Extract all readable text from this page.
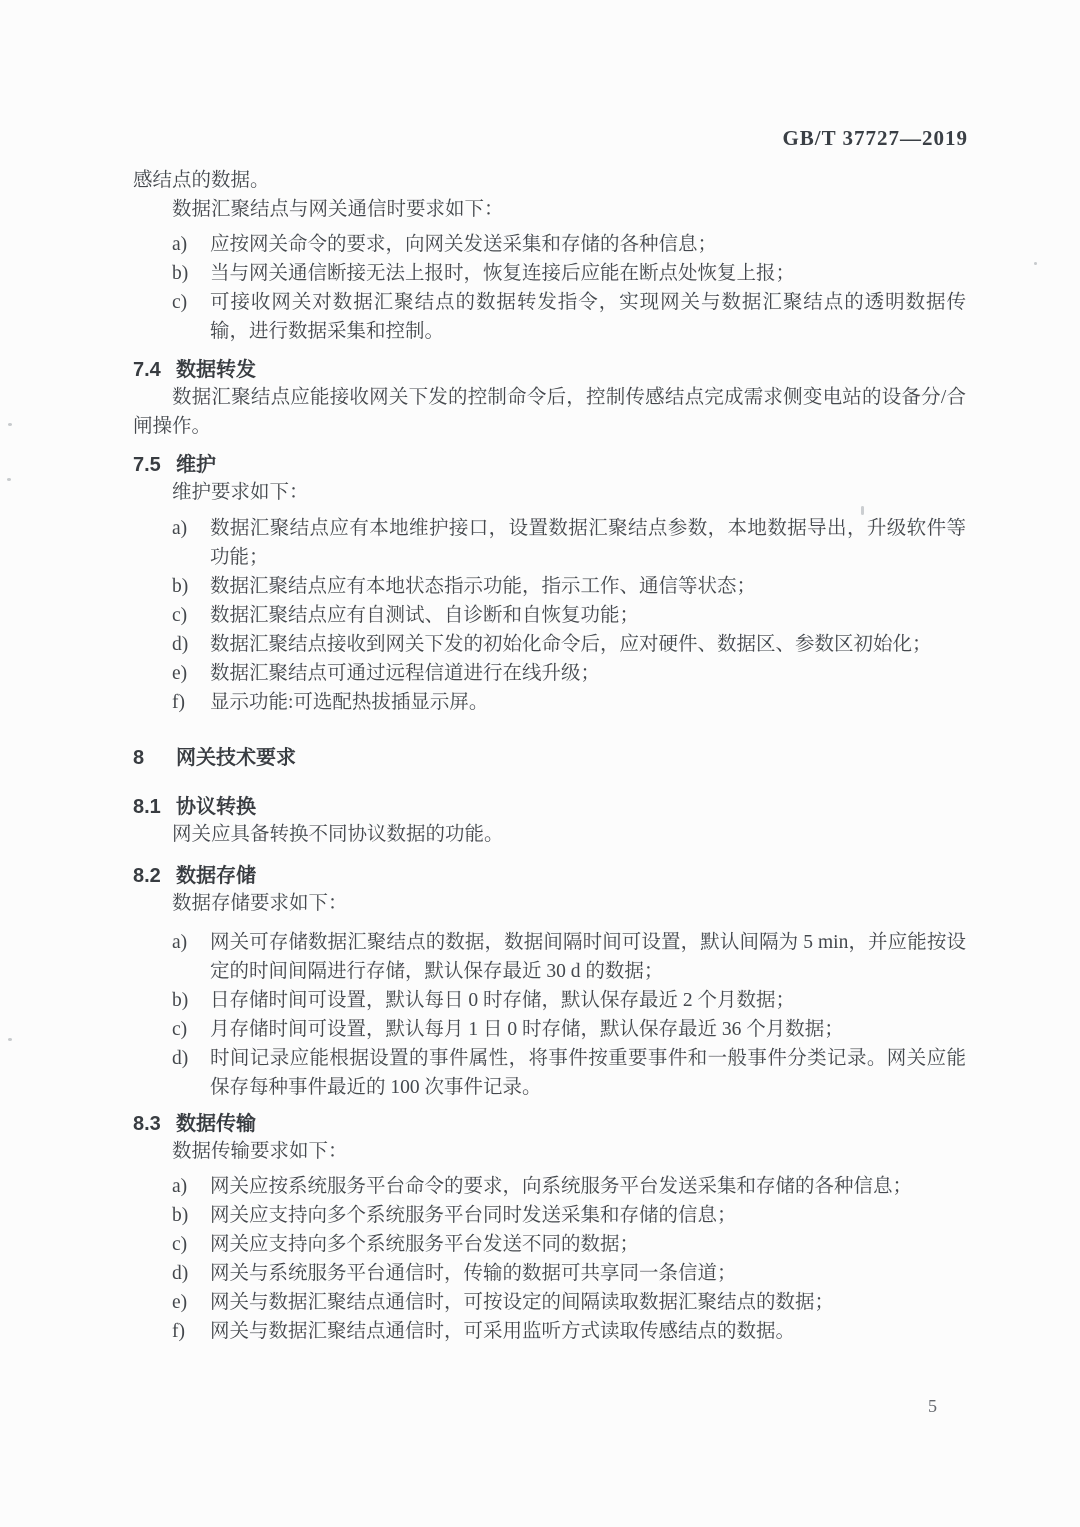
GB/T 37727—2019

感结点的数据。

数据汇聚结点与网关通信时要求如下：

a)	应按网关命令的要求，向网关发送采集和存储的各种信息；
b)	当与网关通信断接无法上报时，恢复连接后应能在断点处恢复上报；
c)	可接收网关对数据汇聚结点的数据转发指令，实现网关与数据汇聚结点的透明数据传输，进行数据采集和控制。
7.4 数据转发

数据汇聚结点应能接收网关下发的控制命令后，控制传感结点完成需求侧变电站的设备分/合闸操作。

7.5 维护

维护要求如下：

a)	数据汇聚结点应有本地维护接口，设置数据汇聚结点参数，本地数据导出，升级软件等功能；
b)	数据汇聚结点应有本地状态指示功能，指示工作、通信等状态；
c)	数据汇聚结点应有自测试、自诊断和自恢复功能；
d)	数据汇聚结点接收到网关下发的初始化命令后，应对硬件、数据区、参数区初始化；
e)	数据汇聚结点可通过远程信道进行在线升级；
f)	显示功能:可选配热拔插显示屏。
8 网关技术要求
8.1 协议转换

网关应具备转换不同协议数据的功能。

8.2 数据存储

数据存储要求如下：

a)	网关可存储数据汇聚结点的数据，数据间隔时间可设置，默认间隔为 5 min，并应能按设定的时间间隔进行存储，默认保存最近 30 d 的数据；
b)	日存储时间可设置，默认每日 0 时存储，默认保存最近 2 个月数据；
c)	月存储时间可设置，默认每月 1 日 0 时存储，默认保存最近 36 个月数据；
d)	时间记录应能根据设置的事件属性，将事件按重要事件和一般事件分类记录。网关应能保存每种事件最近的 100 次事件记录。
8.3 数据传输

数据传输要求如下：

a)	网关应按系统服务平台命令的要求，向系统服务平台发送采集和存储的各种信息；
b)	网关应支持向多个系统服务平台同时发送采集和存储的信息；
c)	网关应支持向多个系统服务平台发送不同的数据；
d)	网关与系统服务平台通信时，传输的数据可共享同一条信道；
e)	网关与数据汇聚结点通信时，可按设定的间隔读取数据汇聚结点的数据；
f)	网关与数据汇聚结点通信时，可采用监听方式读取传感结点的数据。
5
